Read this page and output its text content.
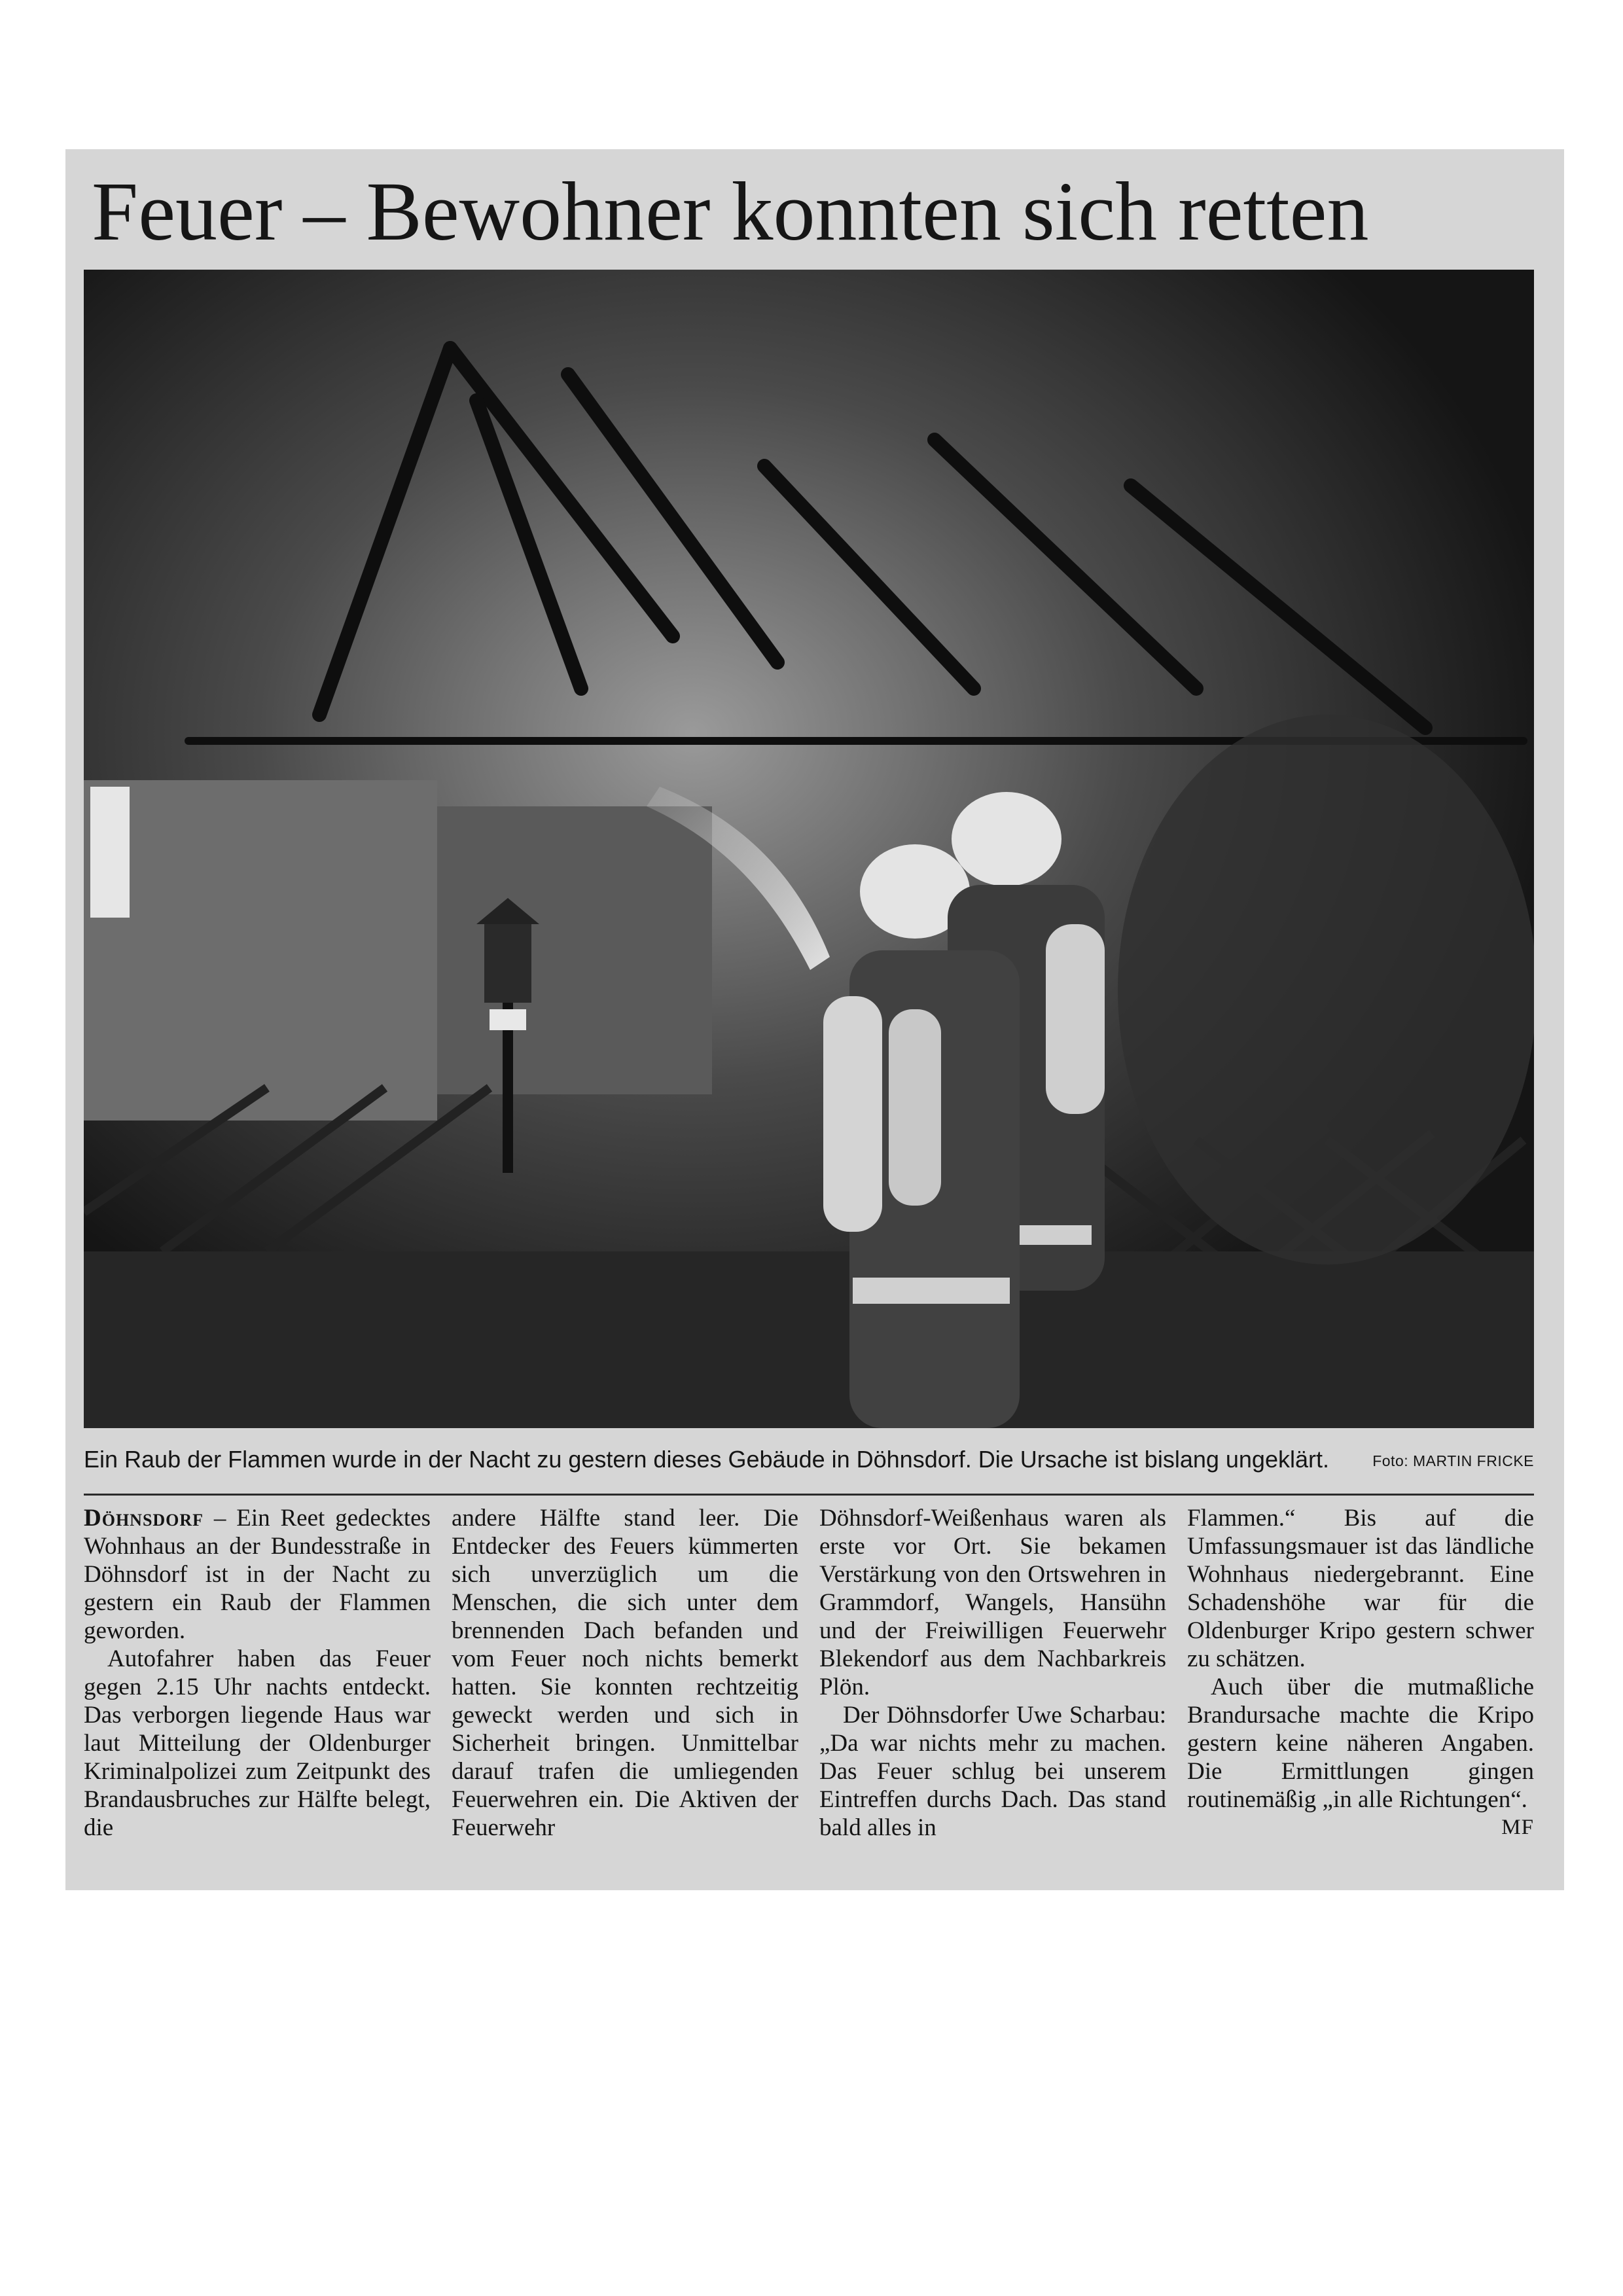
Feuer – Bewohner konnten sich retten
Ein Raub der Flammen wurde in der Nacht zu gestern dieses Gebäude in Döhnsdorf. Die Ursache ist bislang ungeklärt.	Foto: MARTIN FRICKE

Döhnsdorf – Ein Reet gedecktes Wohnhaus an der Bundesstraße in Döhnsdorf ist in der Nacht zu gestern ein Raub der Flammen geworden.

Autofahrer haben das Feuer gegen 2.15 Uhr nachts entdeckt. Das verborgen liegende Haus war laut Mitteilung der Oldenburger Kriminalpolizei zum Zeitpunkt des Brandausbruches zur Hälfte belegt, die

andere Hälfte stand leer. Die Entdecker des Feuers kümmerten sich unverzüglich um die Menschen, die sich unter dem brennenden Dach befanden und vom Feuer noch nichts bemerkt hatten. Sie konnten rechtzeitig geweckt werden und sich in Sicherheit bringen. Unmittelbar darauf trafen die umliegenden Feuerwehren ein. Die Aktiven der Feuerwehr

Döhnsdorf-Weißenhaus waren als erste vor Ort. Sie bekamen Verstärkung von den Ortswehren in Grammdorf, Wangels, Hansühn und der Freiwilligen Feuerwehr Blekendorf aus dem Nachbarkreis Plön.

Der Döhnsdorfer Uwe Scharbau: „Da war nichts mehr zu machen. Das Feuer schlug bei unserem Eintreffen durchs Dach. Das stand bald alles in

Flammen.“ Bis auf die Umfassungsmauer ist das ländliche Wohnhaus niedergebrannt. Eine Schadenshöhe war für die Oldenburger Kripo gestern schwer zu schätzen.

Auch über die mutmaßliche Brandursache machte die Kripo gestern keine näheren Angaben. Die Ermittlungen gingen routinemäßig „in alle Richtungen“.

MF
